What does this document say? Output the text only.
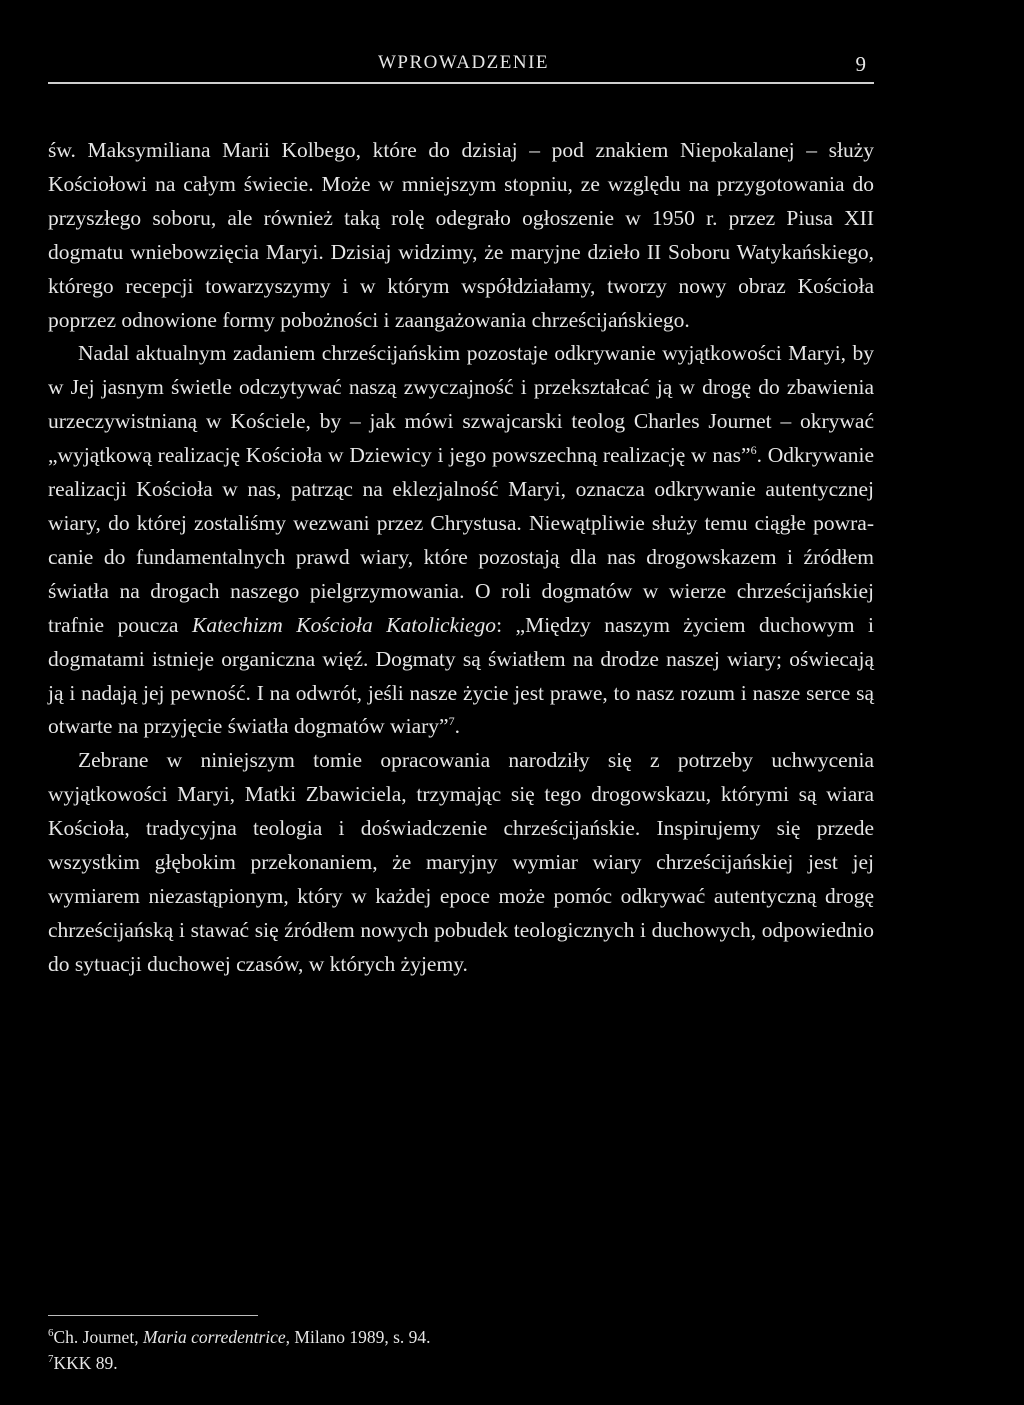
WPROWADZENIE	9

św. Maksymiliana Marii Kolbego, które do dzisiaj – pod znakiem Niepokalanej – służy Kościołowi na całym świecie. Może w mniejszym stopniu, ze względu na przygotowania do przyszłego soboru, ale również taką rolę odegrało ogłoszenie w 1950 r. przez Piusa XII dogmatu wniebowzięcia Maryi. Dzisiaj widzimy, że maryjne dzieło II Soboru Watykańskiego, którego recepcji towarzyszymy i w którym współdziałamy, tworzy nowy obraz Kościoła poprzez odnowione formy pobożności i zaangażowania chrześcijańskiego.

Nadal aktualnym zadaniem chrześcijańskim pozostaje odkrywanie wyjątkowości Maryi, by w Jej jasnym świetle odczytywać naszą zwyczajność i przekształcać ją w drogę do zbawienia urzeczywistnianą w Kościele, by – jak mówi szwajcarski teolog Charles Journet – okrywać „wyjątkową realizację Kościoła w Dziewicy i jego powszechną realizację w nas”$^6$. Odkrywanie realizacji Kościoła w nas, patrząc na eklezjalność Maryi, oznacza odkrywanie autentycznej wiary, do której zostaliśmy wezwani przez Chrystusa. Niewątpliwie służy temu ciągłe powracanie do fundamentalnych prawd wiary, które pozostają dla nas drogowskazem i źródłem światła na drogach naszego pielgrzymowania. O roli dogmatów w wierze chrześcijańskiej trafnie poucza Katechizm Kościoła Katolickiego: „Między naszym życiem duchowym i dogmatami istnieje organiczna więź. Dogmaty są światłem na drodze naszej wiary; oświecają ją i nadają jej pewność. I na odwrót, jeśli nasze życie jest prawe, to nasz rozum i nasze serce są otwarte na przyjęcie światła dogmatów wiary”$^7$.

Zebrane w niniejszym tomie opracowania narodziły się z potrzeby uchwycenia wyjątkowości Maryi, Matki Zbawiciela, trzymając się tego drogowskazu, którymi są wiara Kościoła, tradycyjna teologia i doświadczenie chrześcijańskie. Inspirujemy się przede wszystkim głębokim przekonaniem, że maryjny wymiar wiary chrześcijańskiej jest jej wymiarem niezastąpionym, który w każdej epoce może pomóc odkrywać autentyczną drogę chrześcijańską i stawać się źródłem nowych pobudek teologicznych i duchowych, odpowiednio do sytuacji duchowej czasów, w których żyjemy.

$^6$Ch. Journet, Maria corredentrice, Milano 1989, s. 94.

$^7$KKK 89.
